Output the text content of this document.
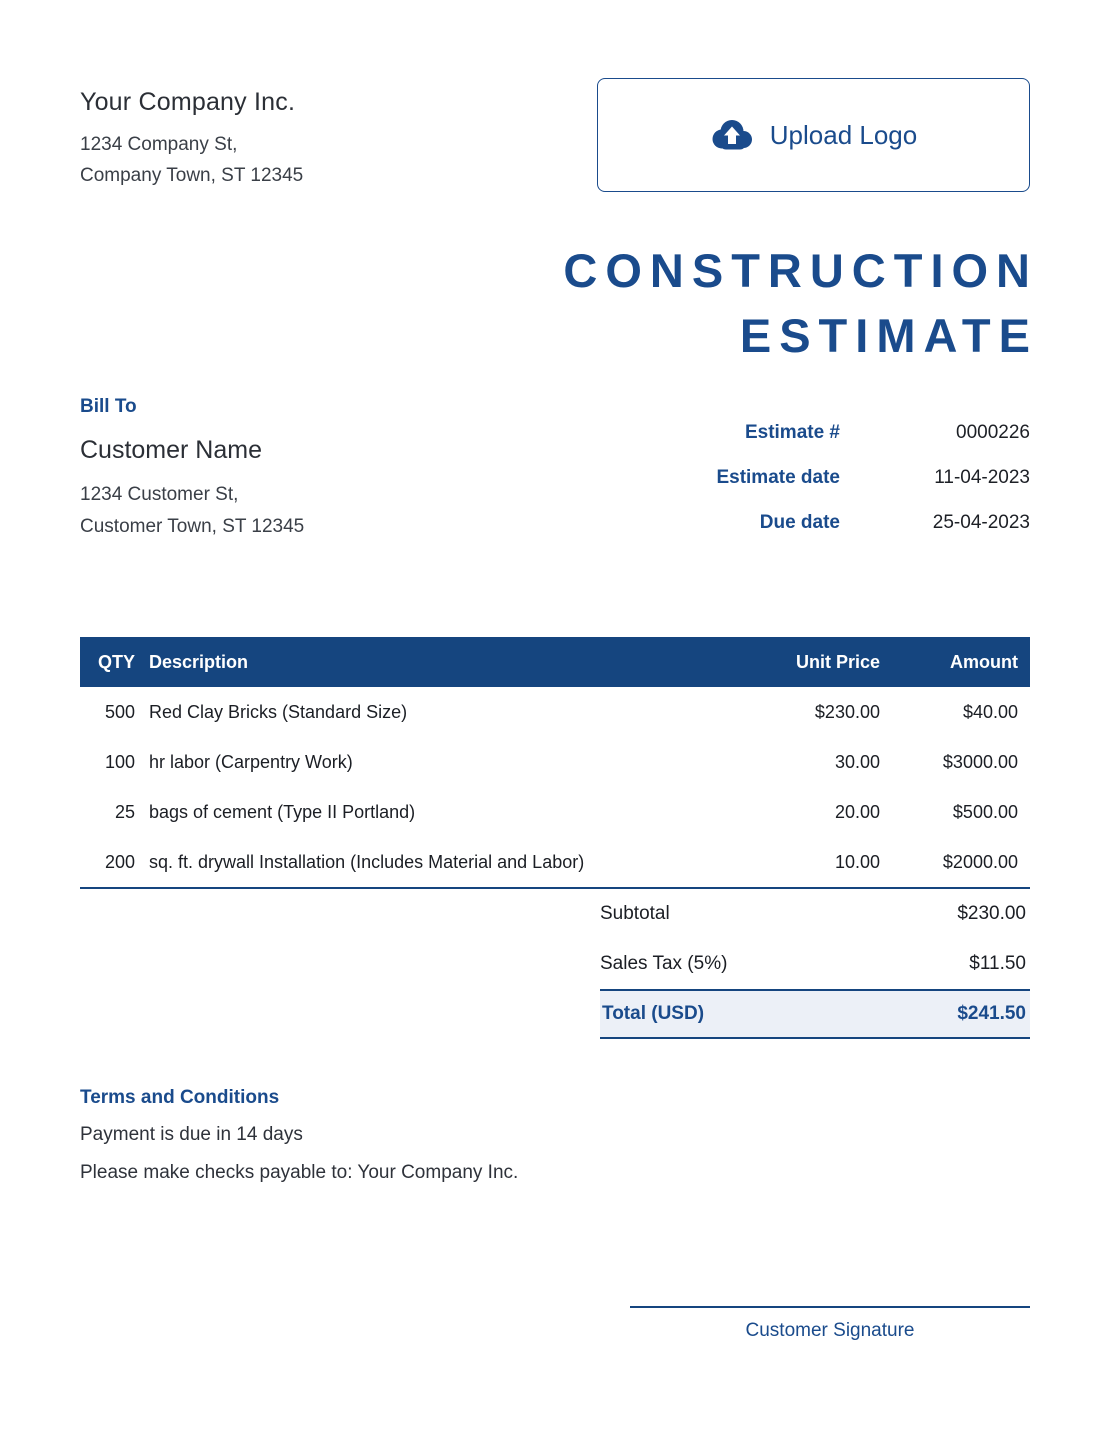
Your Company Inc.
1234 Company St,
Company Town, ST 12345
Upload Logo
CONSTRUCTION
ESTIMATE
Bill To
Customer Name
1234 Customer St,
Customer Town, ST 12345
Estimate #	0000226
Estimate date	11-04-2023
Due date	25-04-2023
QTY Description	Unit Price	Amount
500 Red Clay Bricks (Standard Size)	$230.00	$40.00
100 hr labor (Carpentry Work)	30.00	$3000.00
25 bags of cement (Type II Portland)	20.00	$500.00
200 sq. ft. drywall Installation (Includes Material and Labor)	10.00	$2000.00
Subtotal	$230.00
Sales Tax (5%)	$11.50
Total (USD)	$241.50
Terms and Conditions
Payment is due in 14 days
Please make checks payable to: Your Company Inc.
Customer Signature
